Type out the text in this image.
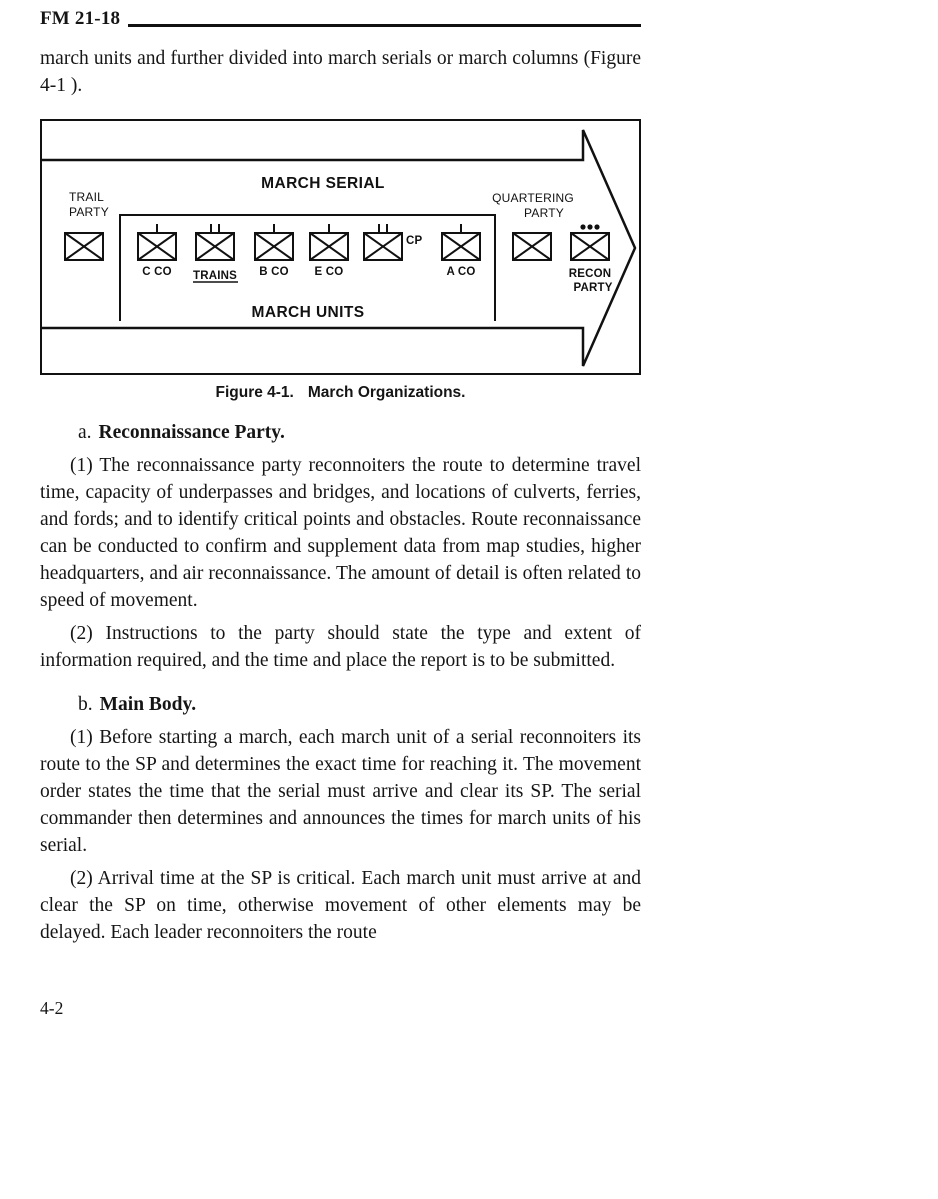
FM 21-18

march units and further divided into march serials or march columns (Figure 4-1 ).

MARCH SERIAL
MARCH UNITS
TRAIL
PARTY
C CO TRAINS B CO E CO
CP
A CO
QUARTERING
PARTY
RECON
PARTY
Figure 4-1. March Organizations.

a. Reconnaissance Party.

(1) The reconnaissance party reconnoiters the route to determine travel time, capacity of underpasses and bridges, and locations of culverts, ferries, and fords; and to identify critical points and obstacles. Route reconnaissance can be conducted to confirm and supplement data from map studies, higher headquarters, and air reconnaissance. The amount of detail is often related to speed of movement.

(2) Instructions to the party should state the type and extent of information required, and the time and place the report is to be submitted.

b. Main Body.

(1) Before starting a march, each march unit of a serial reconnoiters its route to the SP and determines the exact time for reaching it. The movement order states the time that the serial must arrive and clear its SP. The serial commander then determines and announces the times for march units of his serial.

(2) Arrival time at the SP is critical. Each march unit must arrive at and clear the SP on time, otherwise movement of other elements may be delayed. Each leader reconnoiters the route

4-2
